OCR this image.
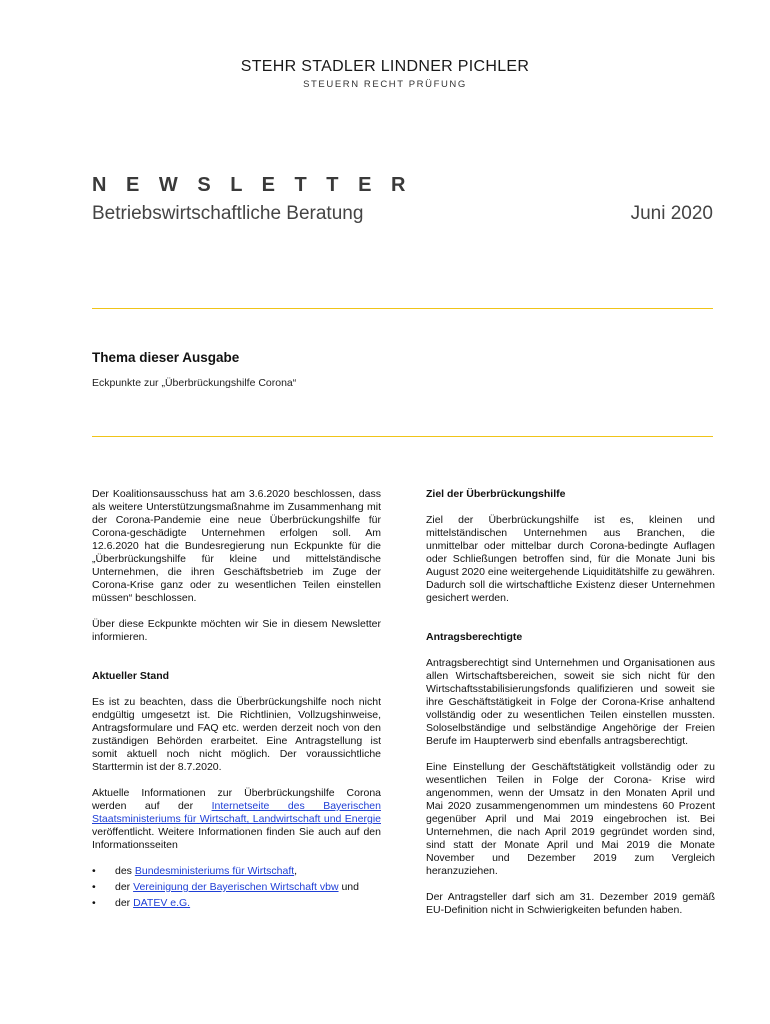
STEHR STADLER LINDNER PICHLER
STEUERN RECHT PRÜFUNG
N E W S L E T T E R
Betriebswirtschaftliche Beratung	Juni 2020
Thema dieser Ausgabe
Eckpunkte zur „Überbrückungshilfe Corona“

Der Koalitionsausschuss hat am 3.6.2020 beschlossen, dass als weitere Unterstützungsmaßnahme im Zusammenhang mit der Corona-Pandemie eine neue Überbrückungshilfe für Corona-geschädigte Unternehmen erfolgen soll. Am 12.6.2020 hat die Bundesregierung nun Eckpunkte für die „Überbrückungshilfe für kleine und mittelständische Unternehmen, die ihren Geschäftsbetrieb im Zuge der Corona-Krise ganz oder zu wesentlichen Teilen einstellen müssen“ beschlossen.

Über diese Eckpunkte möchten wir Sie in diesem Newsletter informieren.

Aktueller Stand

Es ist zu beachten, dass die Überbrückungshilfe noch nicht endgültig umgesetzt ist. Die Richtlinien, Vollzugshinweise, Antragsformulare und FAQ etc. werden derzeit noch von den zuständigen Behörden erarbeitet. Eine Antragstellung ist somit aktuell noch nicht möglich. Der voraussichtliche Starttermin ist der 8.7.2020.

Aktuelle Informationen zur Überbrückungshilfe Corona werden auf der Internetseite des Bayerischen Staatsministeriums für Wirtschaft, Landwirtschaft und Energie veröffentlicht. Weitere Informationen finden Sie auch auf den Informationsseiten

• des Bundesministeriums für Wirtschaft,
• der Vereinigung der Bayerischen Wirtschaft vbw und
• der DATEV e.G.
Ziel der Überbrückungshilfe

Ziel der Überbrückungshilfe ist es, kleinen und mittelständischen Unternehmen aus Branchen, die unmittelbar oder mittelbar durch Corona-bedingte Auflagen oder Schließungen betroffen sind, für die Monate Juni bis August 2020 eine weitergehende Liquiditätshilfe zu gewähren. Dadurch soll die wirtschaftliche Existenz dieser Unternehmen gesichert werden.

Antragsberechtigte

Antragsberechtigt sind Unternehmen und Organisationen aus allen Wirtschaftsbereichen, soweit sie sich nicht für den Wirtschaftsstabilisierungsfonds qualifizieren und soweit sie ihre Geschäftstätigkeit in Folge der Corona-Krise anhaltend vollständig oder zu wesentlichen Teilen einstellen mussten. Soloselbständige und selbständige Angehörige der Freien Berufe im Haupterwerb sind ebenfalls antragsberechtigt.

Eine Einstellung der Geschäftstätigkeit vollständig oder zu wesentlichen Teilen in Folge der Corona- Krise wird angenommen, wenn der Umsatz in den Monaten April und Mai 2020 zusammengenommen um mindestens 60 Prozent gegenüber April und Mai 2019 eingebrochen ist. Bei Unternehmen, die nach April 2019 gegründet worden sind, sind statt der Monate April und Mai 2019 die Monate November und Dezember 2019 zum Vergleich heranzuziehen.

Der Antragsteller darf sich am 31. Dezember 2019 gemäß EU-Definition nicht in Schwierigkeiten befunden haben.
